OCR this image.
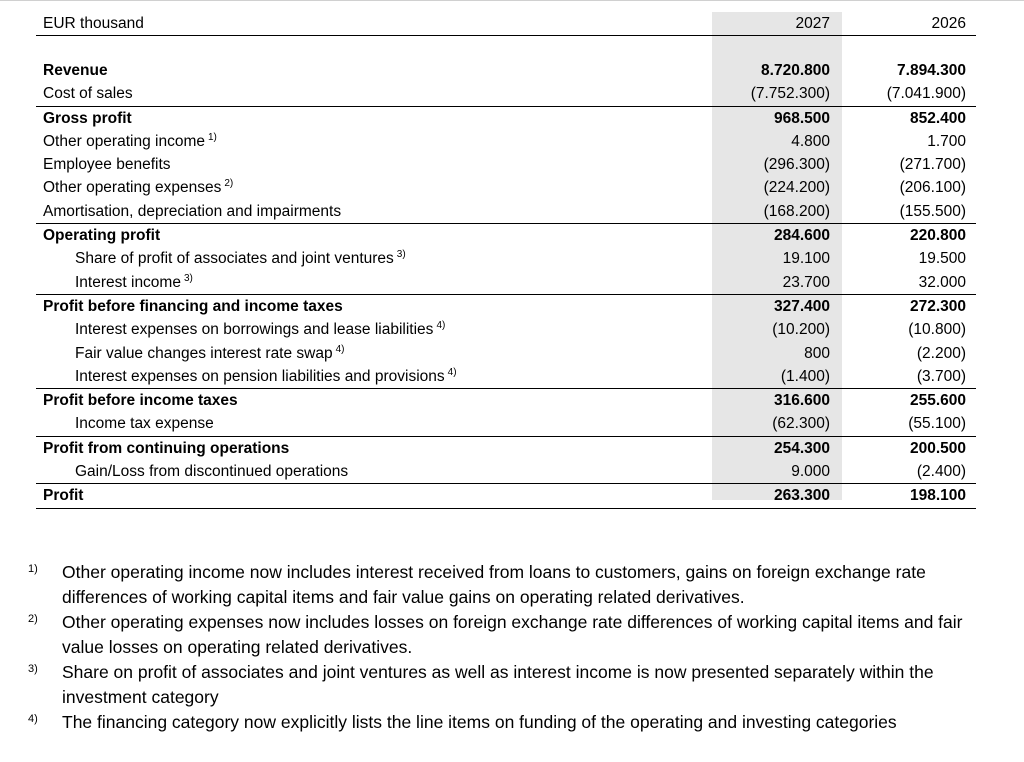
EUR thousand	2027	2026
Revenue	8.720.800	7.894.300
Cost of sales	(7.752.300)	(7.041.900)
Gross profit	968.500	852.400
Other operating income $^{1)}$	4.800	1.700
Employee benefits	(296.300)	(271.700)
Other operating expenses $^{2)}$	(224.200)	(206.100)
Amortisation, depreciation and impairments	(168.200)	(155.500)
Operating profit	284.600	220.800
Share of profit of associates and joint ventures $^{3)}$	19.100	19.500
Interest income $^{3)}$	23.700	32.000
Profit before financing and income taxes	327.400	272.300
Interest expenses on borrowings and lease liabilities $^{4)}$	(10.200)	(10.800)
Fair value changes interest rate swap $^{4)}$	800	(2.200)
Interest expenses on pension liabilities and provisions $^{4)}$	(1.400)	(3.700)
Profit before income taxes	316.600	255.600
Income tax expense	(62.300)	(55.100)
Profit from continuing operations	254.300	200.500
Gain/Loss from discontinued operations	9.000	(2.400)
Profit	263.300	198.100

1) Other operating income now includes interest received from loans to customers, gains on foreign exchange rate differences of working capital items and fair value gains on operating related derivatives.

2) Other operating expenses now includes losses on foreign exchange rate differences of working capital items and fair value losses on operating related derivatives.

3) Share on profit of associates and joint ventures as well as interest income is now presented separately within the investment category

4) The financing category now explicitly lists the line items on funding of the operating and investing categories
